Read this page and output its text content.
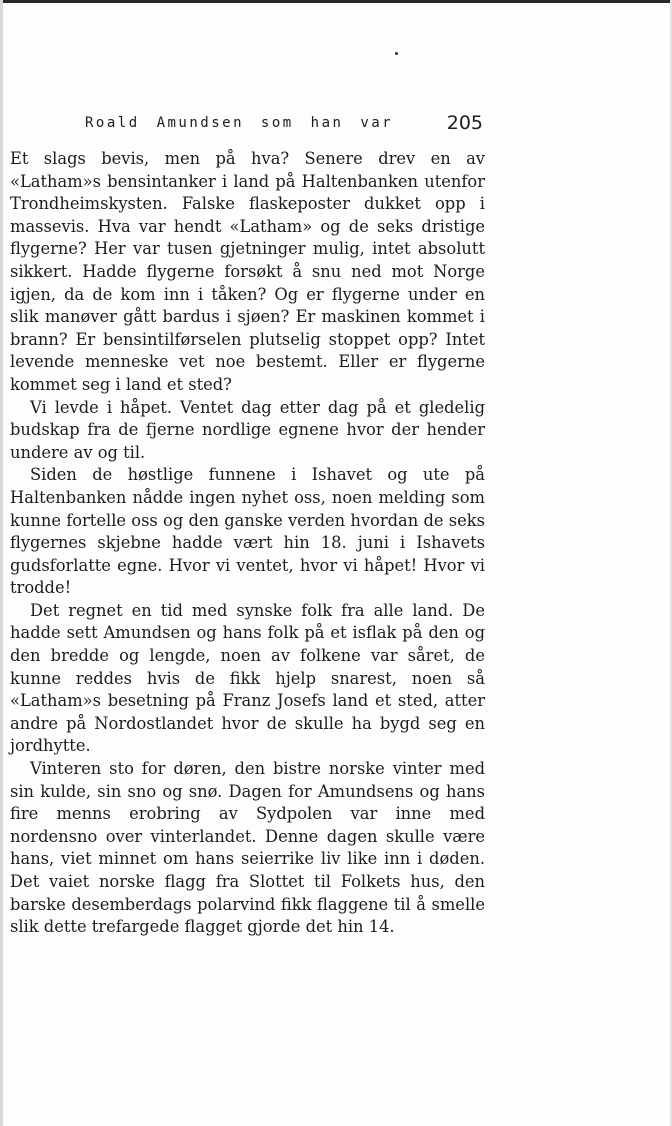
Roald Amundsen som han var	205

Et slags bevis, men på hva? Senere drev en av «Latham»s bensintanker i land på Haltenbanken utenfor Trondheimskysten. Falske flaskeposter dukket opp i massevis. Hva var hendt «Latham» og de seks dristige flygerne? Her var tusen gjetninger mulig, intet absolutt sikkert. Hadde flygerne forsøkt å snu ned mot Norge igjen, da de kom inn i tåken? Og er flygerne under en slik manøver gått bardus i sjøen? Er maskinen kommet i brann? Er bensintilførselen plutselig stoppet opp? Intet levende menneske vet noe bestemt. Eller er flygerne kommet seg i land et sted?

Vi levde i håpet. Ventet dag etter dag på et gledelig budskap fra de fjerne nordlige egnene hvor der hender undere av og til.

Siden de høstlige funnene i Ishavet og ute på Haltenbanken nådde ingen nyhet oss, noen melding som kunne fortelle oss og den ganske verden hvordan de seks flygernes skjebne hadde vært hin 18. juni i Ishavets gudsforlatte egne. Hvor vi ventet, hvor vi håpet! Hvor vi trodde!

Det regnet en tid med synske folk fra alle land. De hadde sett Amundsen og hans folk på et isflak på den og den bredde og lengde, noen av folkene var såret, de kunne reddes hvis de fikk hjelp snarest, noen så «Latham»s besetning på Franz Josefs land et sted, atter andre på Nordostlandet hvor de skulle ha bygd seg en jordhytte.

Vinteren sto for døren, den bistre norske vinter med sin kulde, sin sno og snø. Dagen for Amundsens og hans fire menns erobring av Sydpolen var inne med nordensno over vinterlandet. Denne dagen skulle være hans, viet minnet om hans seierrike liv like inn i døden. Det vaiet norske flagg fra Slottet til Folkets hus, den barske desemberdags polarvind fikk flaggene til å smelle slik dette trefargede flagget gjorde det hin 14.
